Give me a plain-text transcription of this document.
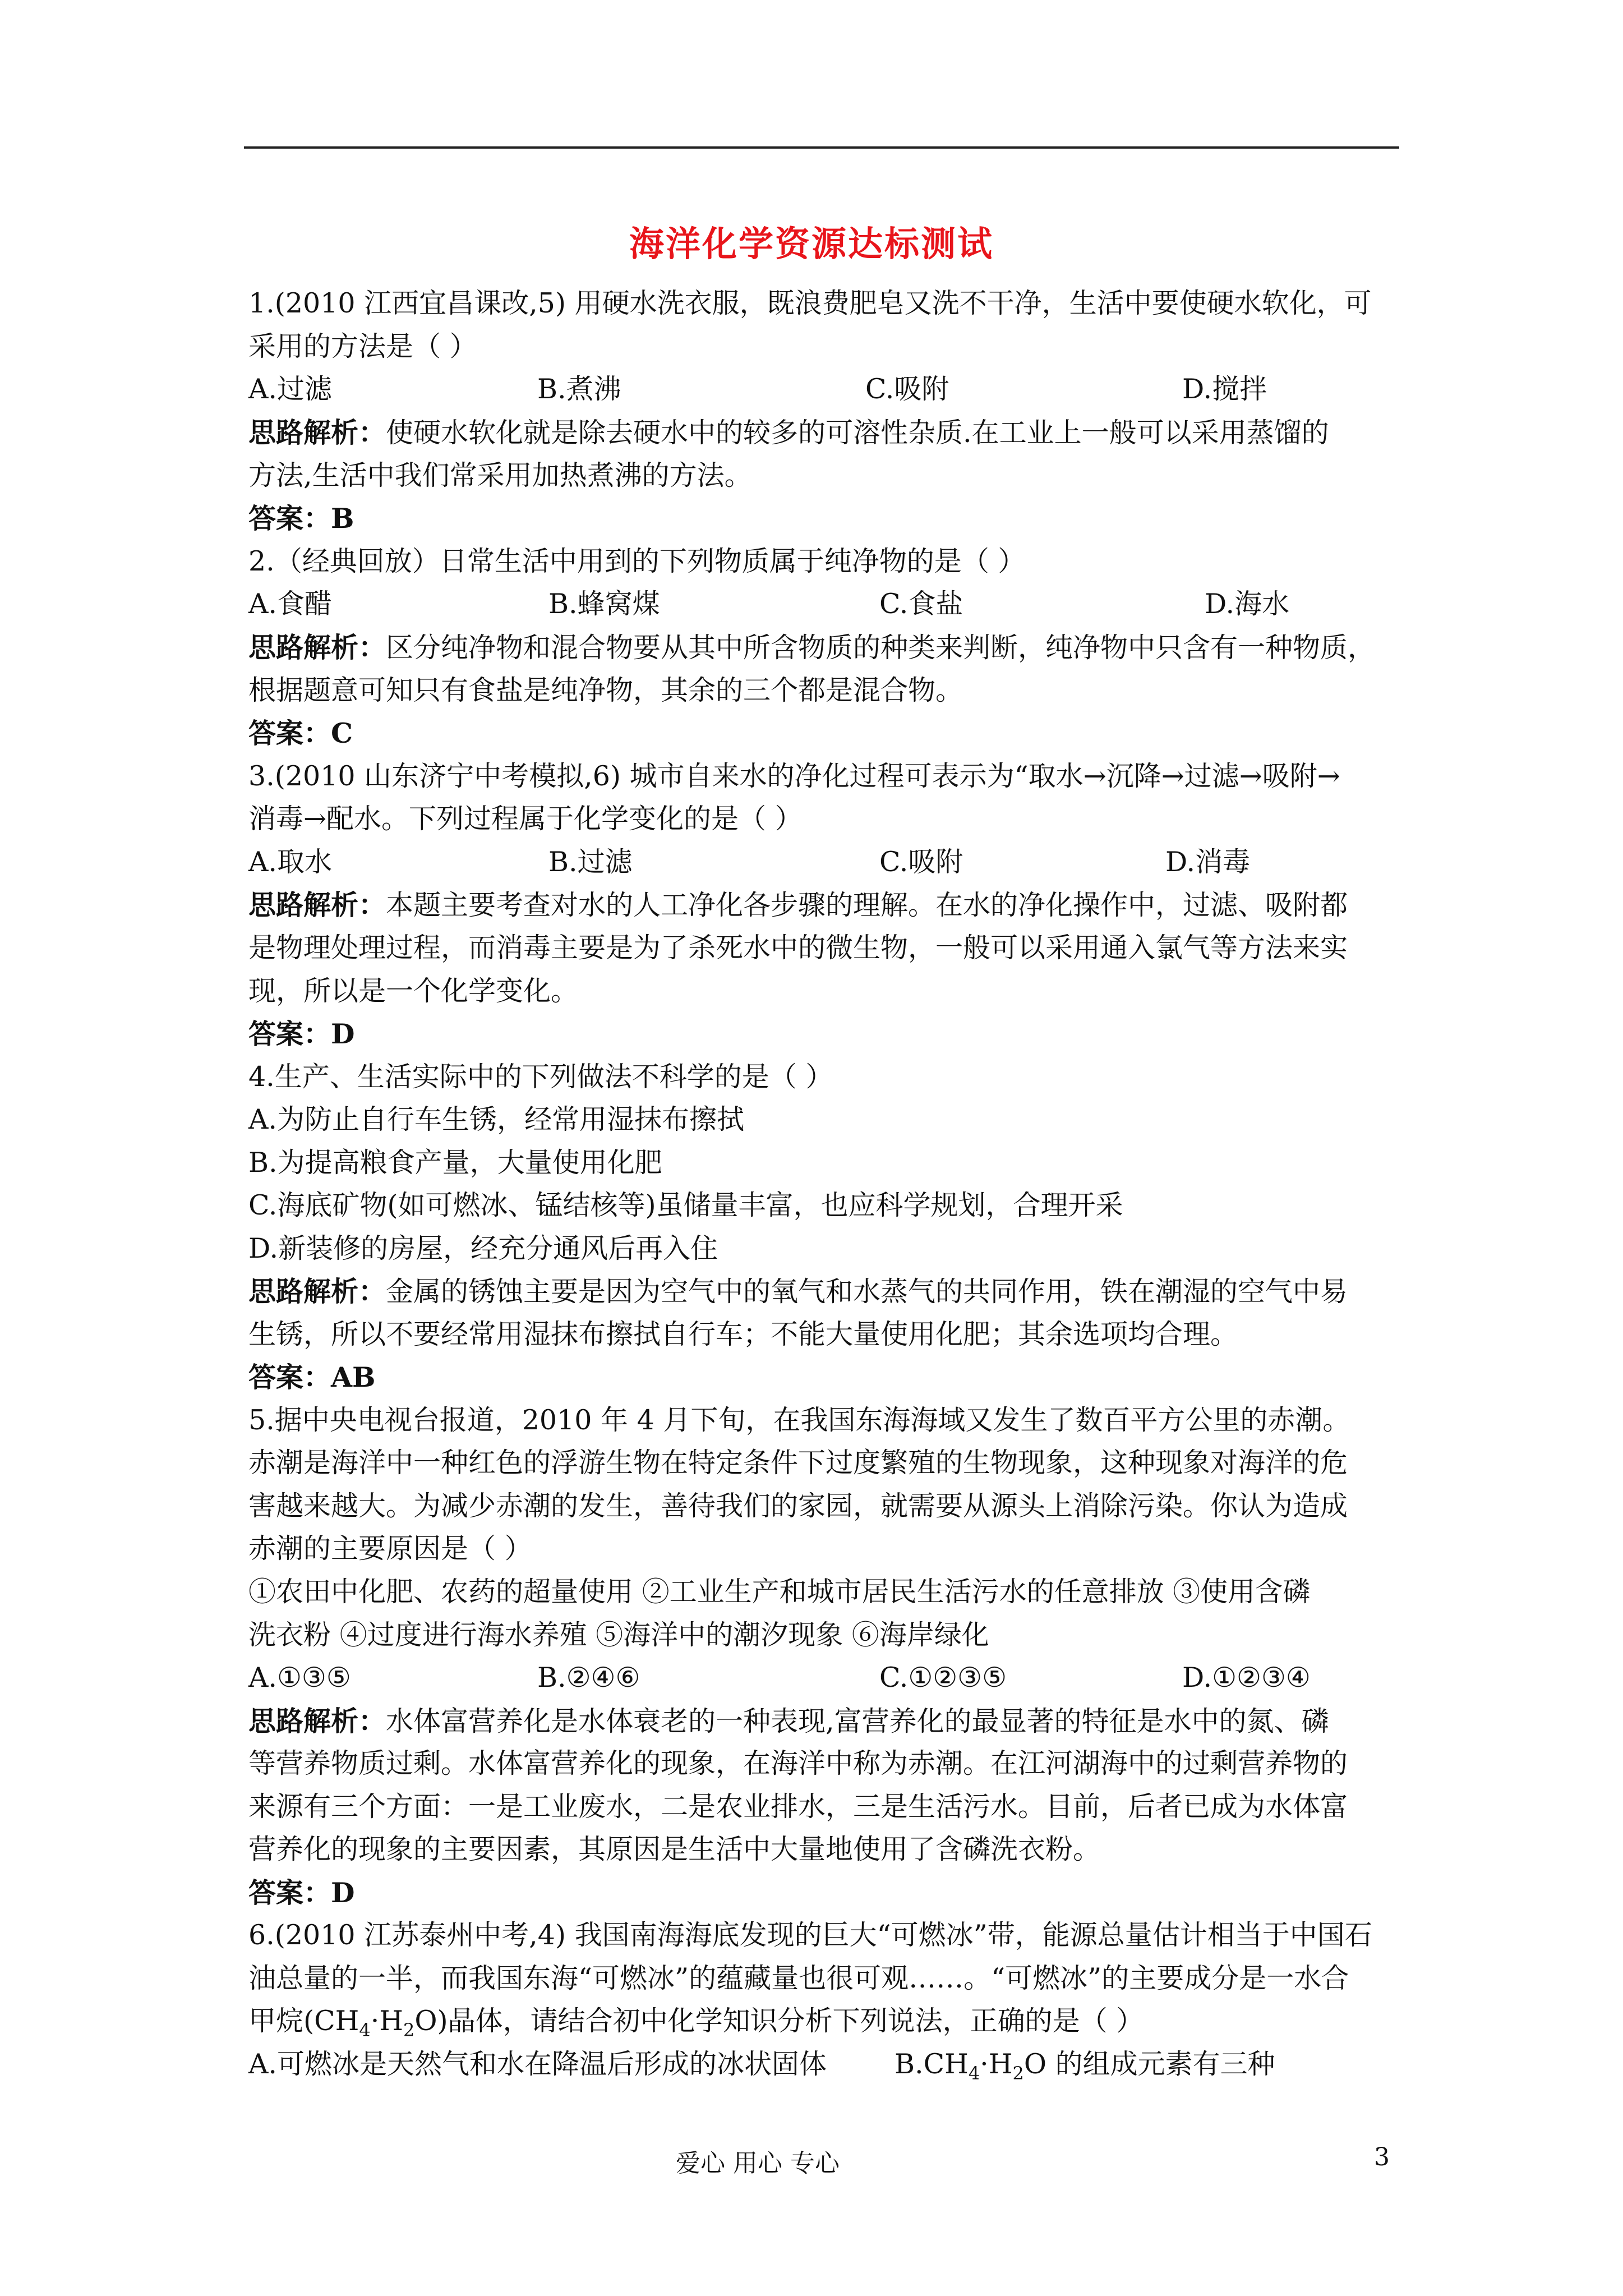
海洋化学资源达标测试
1.(2010 江西宜昌课改,5) 用硬水洗衣服，既浪费肥皂又洗不干净，生活中要使硬水软化，可
采用的方法是（ ）
A.过滤	B.煮沸	C.吸附	D.搅拌
思路解析：使硬水软化就是除去硬水中的较多的可溶性杂质.在工业上一般可以采用蒸馏的
方法,生活中我们常采用加热煮沸的方法。
答案：B
2.（经典回放）日常生活中用到的下列物质属于纯净物的是（ ）
A.食醋	B.蜂窝煤	C.食盐	D.海水
思路解析：区分纯净物和混合物要从其中所含物质的种类来判断，纯净物中只含有一种物质，
根据题意可知只有食盐是纯净物，其余的三个都是混合物。
答案：C
3.(2010 山东济宁中考模拟,6) 城市自来水的净化过程可表示为“取水→沉降→过滤→吸附→
消毒→配水。下列过程属于化学变化的是（ ）
A.取水	B.过滤	C.吸附	D.消毒
思路解析：本题主要考查对水的人工净化各步骤的理解。在水的净化操作中，过滤、吸附都
是物理处理过程，而消毒主要是为了杀死水中的微生物，一般可以采用通入氯气等方法来实
现，所以是一个化学变化。
答案：D
4.生产、生活实际中的下列做法不科学的是（ ）
A.为防止自行车生锈，经常用湿抹布擦拭
B.为提高粮食产量，大量使用化肥
C.海底矿物(如可燃冰、锰结核等)虽储量丰富，也应科学规划，合理开采
D.新装修的房屋，经充分通风后再入住
思路解析：金属的锈蚀主要是因为空气中的氧气和水蒸气的共同作用，铁在潮湿的空气中易
生锈，所以不要经常用湿抹布擦拭自行车；不能大量使用化肥；其余选项均合理。
答案：AB
5.据中央电视台报道，2010 年 4 月下旬，在我国东海海域又发生了数百平方公里的赤潮。
赤潮是海洋中一种红色的浮游生物在特定条件下过度繁殖的生物现象，这种现象对海洋的危
害越来越大。为减少赤潮的发生，善待我们的家园，就需要从源头上消除污染。你认为造成
赤潮的主要原因是（ ）
①农田中化肥、农药的超量使用 ②工业生产和城市居民生活污水的任意排放 ③使用含磷
洗衣粉 ④过度进行海水养殖 ⑤海洋中的潮汐现象 ⑥海岸绿化
A.①③⑤	B.②④⑥	C.①②③⑤	D.①②③④
思路解析：水体富营养化是水体衰老的一种表现,富营养化的最显著的特征是水中的氮、磷
等营养物质过剩。水体富营养化的现象，在海洋中称为赤潮。在江河湖海中的过剩营养物的
来源有三个方面：一是工业废水，二是农业排水，三是生活污水。目前，后者已成为水体富
营养化的现象的主要因素，其原因是生活中大量地使用了含磷洗衣粉。
答案：D
6.(2010 江苏泰州中考,4) 我国南海海底发现的巨大“可燃冰”带，能源总量估计相当于中国石
油总量的一半，而我国东海“可燃冰”的蕴藏量也很可观……。“可燃冰”的主要成分是一水合
甲烷$(CH_4\cdot H_2O)$晶体，请结合初中化学知识分析下列说法，正确的是（ ）
A.可燃冰是天然气和水在降温后形成的冰状固体 $B.CH_4\cdot H_2O$ 的组成元素有三种
爱心 用心 专心	3
